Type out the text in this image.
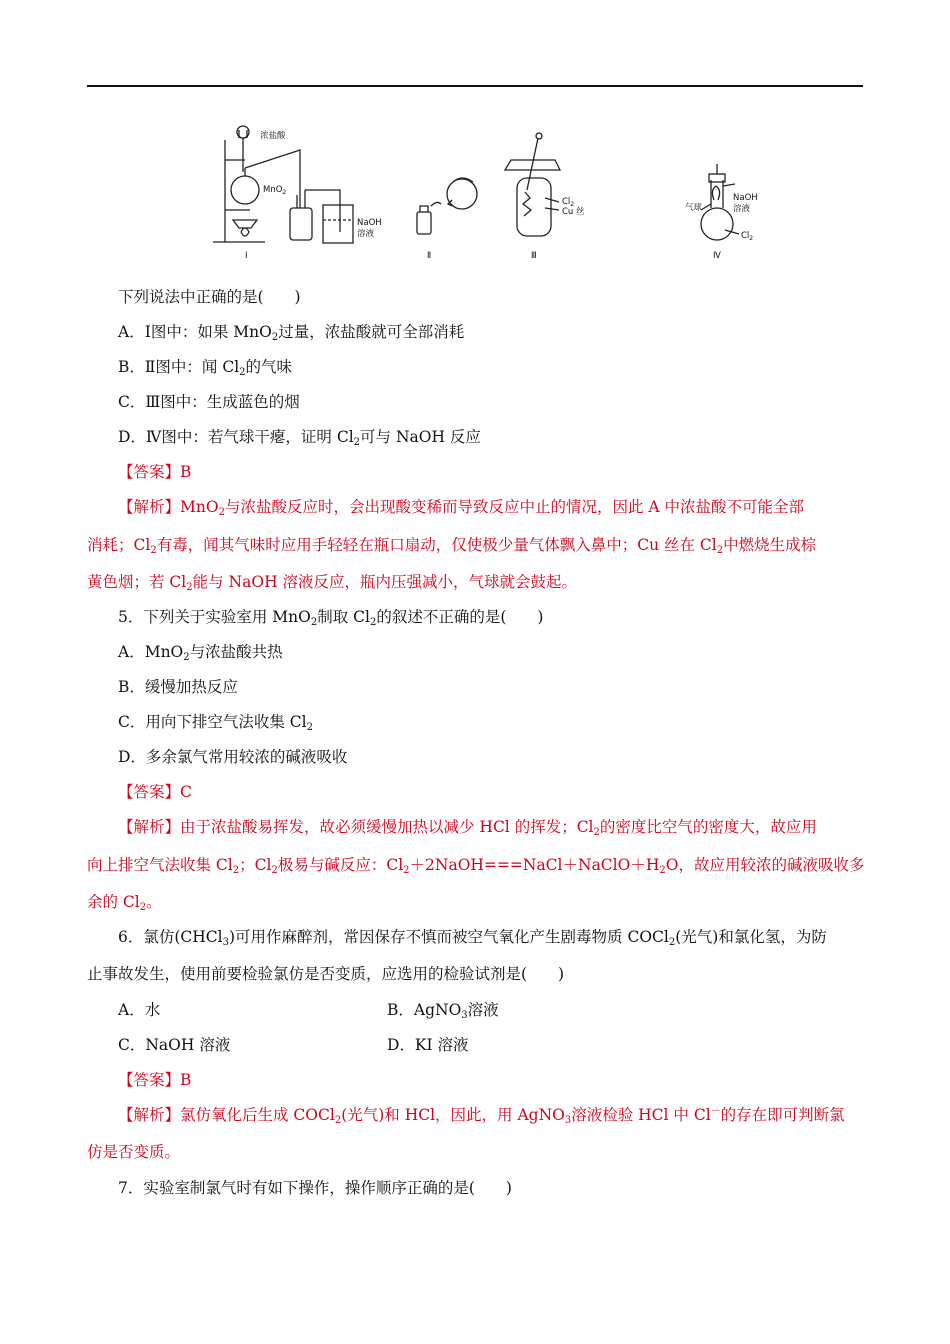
浓盐酸
MnO$_2$
NaOH
溶液
$Cl_2$
Cu 丝	气球
NaOH
溶液
$Cl_2$
Ⅰ	Ⅱ	Ⅲ	Ⅳ
下列说法中正确的是(　　)
A．Ⅰ图中：如果 MnO$_2$过量，浓盐酸就可全部消耗
B．Ⅱ图中：闻 $Cl_2$的气味
C．Ⅲ图中：生成蓝色的烟
D．Ⅳ图中：若气球干瘪，证明 $Cl_2$可与 NaOH 反应
【答案】B
【解析】MnO$_2$与浓盐酸反应时，会出现酸变稀而导致反应中止的情况，因此 A 中浓盐酸不可能全部
消耗；$Cl_2$有毒，闻其气味时应用手轻轻在瓶口扇动，仅使极少量气体飘入鼻中；Cu 丝在 $Cl_2$中燃烧生成棕
黄色烟；若 $Cl_2$能与 NaOH 溶液反应，瓶内压强减小，气球就会鼓起。
5．下列关于实验室用 MnO$_2$制取 $Cl_2$的叙述不正确的是(　　)
A．MnO$_2$与浓盐酸共热
B．缓慢加热反应
C．用向下排空气法收集 $Cl_2$
D．多余氯气常用较浓的碱液吸收
【答案】C
【解析】由于浓盐酸易挥发，故必须缓慢加热以减少 HCl 的挥发；$Cl_2$的密度比空气的密度大，故应用
向上排空气法收集 $Cl_2$；$Cl_2$极易与碱反应：$Cl_2+2NaOH===NaCl+NaClO+H_2O$，故应用较浓的碱液吸收多
余的 $Cl_2$。
6．氯仿(CHCl$_3$)可用作麻醉剂，常因保存不慎而被空气氧化产生剧毒物质 COCl$_2$(光气)和氯化氢，为防
止事故发生，使用前要检验氯仿是否变质，应选用的检验试剂是(　　)
A．水	B．AgNO$_3$溶液
C．NaOH 溶液	D．KI 溶液
【答案】B
【解析】氯仿氧化后生成 COCl$_2$(光气)和 HCl，因此，用 AgNO$_3$溶液检验 HCl 中 Cl－的存在即可判断氯
仿是否变质。
7．实验室制氯气时有如下操作，操作顺序正确的是(　　)
